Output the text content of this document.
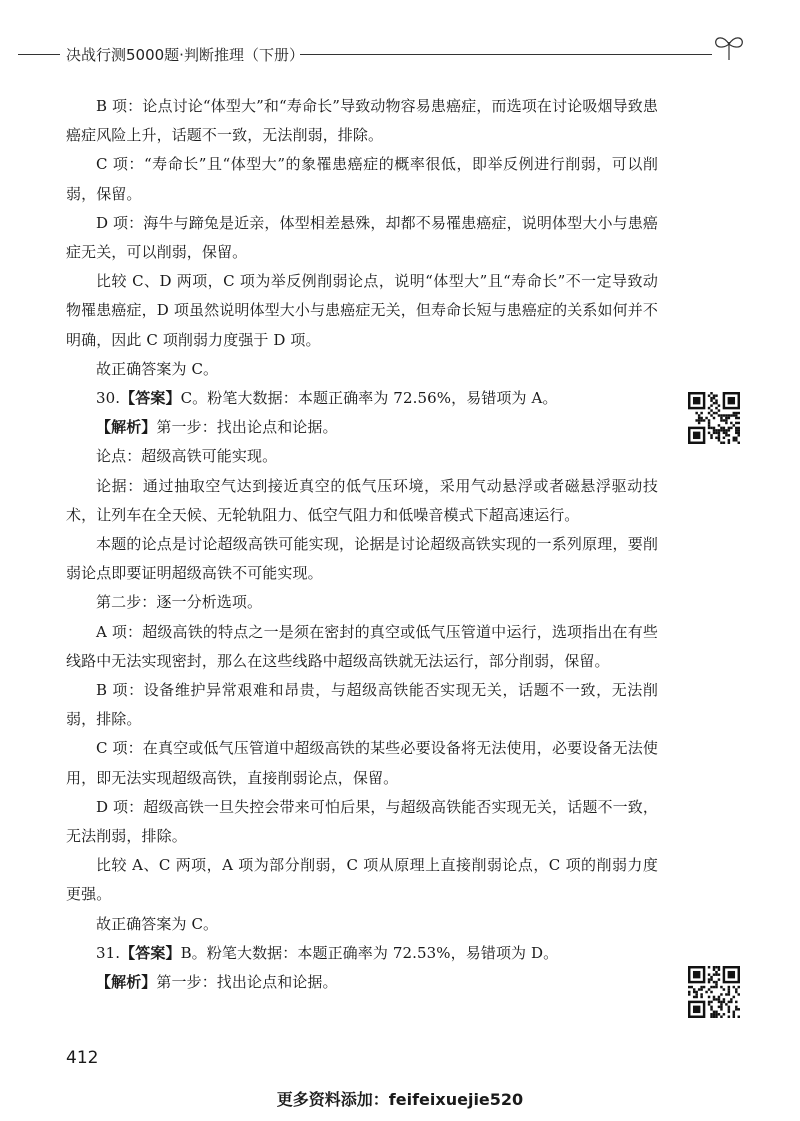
决战行测5000题·判断推理（下册）

B 项：论点讨论“体型大”和“寿命长”导致动物容易患癌症，而选项在讨论吸烟导致患癌症风险上升，话题不一致，无法削弱，排除。

C 项：“寿命长”且“体型大”的象罹患癌症的概率很低，即举反例进行削弱，可以削弱，保留。

D 项：海牛与蹄兔是近亲，体型相差悬殊，却都不易罹患癌症，说明体型大小与患癌症无关，可以削弱，保留。

比较 C、D 两项，C 项为举反例削弱论点，说明“体型大”且“寿命长”不一定导致动物罹患癌症，D 项虽然说明体型大小与患癌症无关，但寿命长短与患癌症的关系如何并不明确，因此 C 项削弱力度强于 D 项。

故正确答案为 C。

30.【答案】C。粉笔大数据：本题正确率为 72.56%，易错项为 A。

【解析】第一步：找出论点和论据。

论点：超级高铁可能实现。

论据：通过抽取空气达到接近真空的低气压环境，采用气动悬浮或者磁悬浮驱动技术，让列车在全天候、无轮轨阻力、低空气阻力和低噪音模式下超高速运行。

本题的论点是讨论超级高铁可能实现，论据是讨论超级高铁实现的一系列原理，要削弱论点即要证明超级高铁不可能实现。

第二步：逐一分析选项。

A 项：超级高铁的特点之一是须在密封的真空或低气压管道中运行，选项指出在有些线路中无法实现密封，那么在这些线路中超级高铁就无法运行，部分削弱，保留。

B 项：设备维护异常艰难和昂贵，与超级高铁能否实现无关，话题不一致，无法削弱，排除。

C 项：在真空或低气压管道中超级高铁的某些必要设备将无法使用，必要设备无法使用，即无法实现超级高铁，直接削弱论点，保留。

D 项：超级高铁一旦失控会带来可怕后果，与超级高铁能否实现无关，话题不一致，无法削弱，排除。

比较 A、C 两项，A 项为部分削弱，C 项从原理上直接削弱论点，C 项的削弱力度更强。

故正确答案为 C。

31.【答案】B。粉笔大数据：本题正确率为 72.53%，易错项为 D。

【解析】第一步：找出论点和论据。

412
更多资料添加：feifeixuejie520
